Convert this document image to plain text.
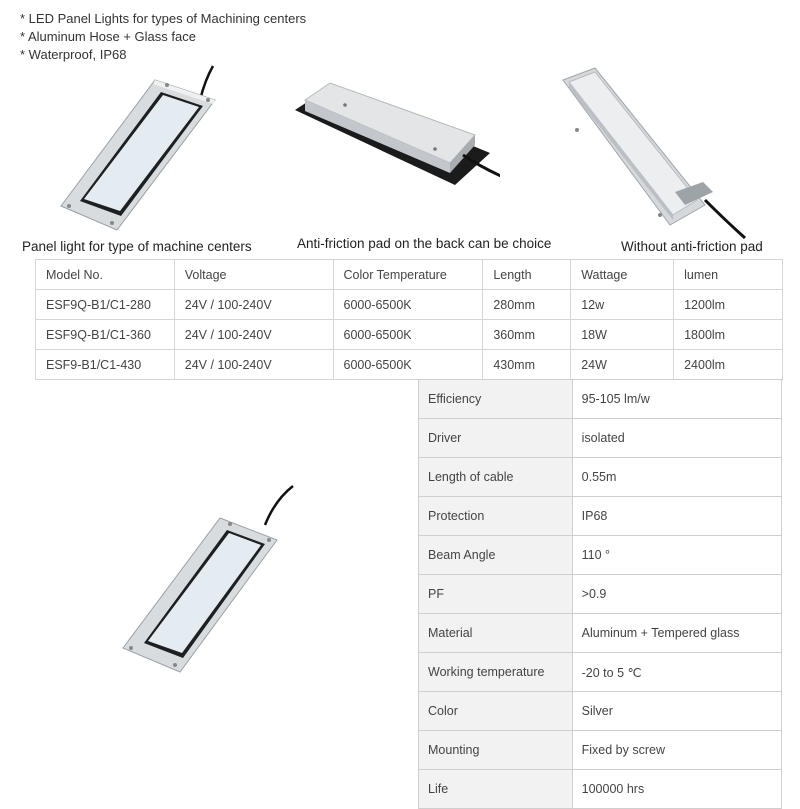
* LED Panel Lights for types of Machining centers
* Aluminum Hose + Glass face
* Waterproof, IP68
Panel light for type of machine centers	Anti-friction pad on the back can be choice	Without anti-friction pad
Model No.	Voltage	Color Temperature	Length	Wattage	lumen
ESF9Q-B1/C1-280	24V / 100-240V	6000-6500K	280mm	12w	1200lm
ESF9Q-B1/C1-360	24V / 100-240V	6000-6500K	360mm	18W	1800lm
ESF9-B1/C1-430	24V / 100-240V	6000-6500K	430mm	24W	2400lm
Efficiency	95-105 lm/w
Driver	isolated
Length of cable	0.55m
Protection	IP68
Beam Angle	110 °
PF	>0.9
Material	Aluminum + Tempered glass
Working temperature	-20 to 5 ℃
Color	Silver
Mounting	Fixed by screw
Life	100000 hrs
